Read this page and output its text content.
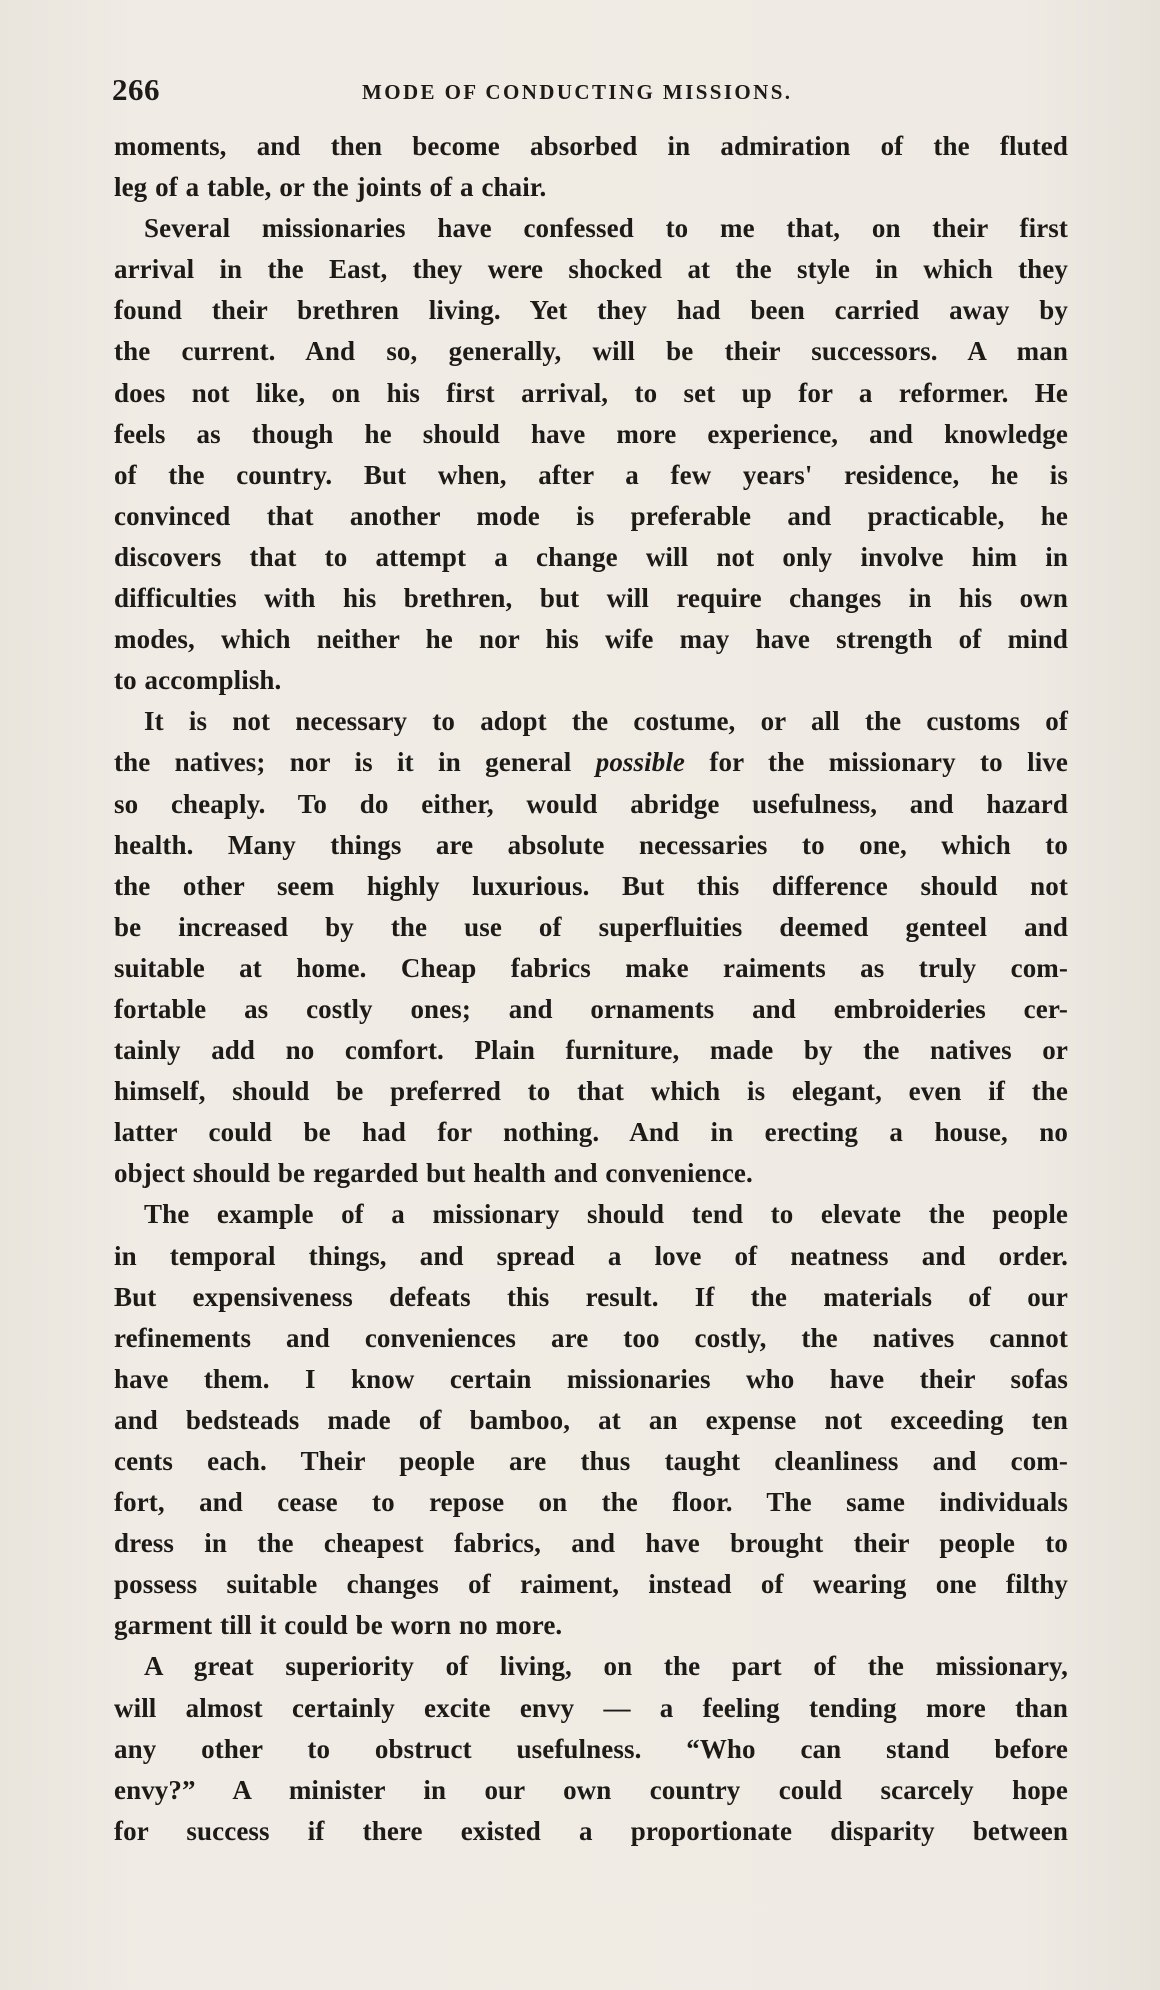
266	MODE OF CONDUCTING MISSIONS.
moments, and then become absorbed in admiration of the fluted
leg of a table, or the joints of a chair.
Several missionaries have confessed to me that, on their first
arrival in the East, they were shocked at the style in which they
found their brethren living. Yet they had been carried away by
the current. And so, generally, will be their successors. A man
does not like, on his first arrival, to set up for a reformer. He
feels as though he should have more experience, and knowledge
of the country. But when, after a few years' residence, he is
convinced that another mode is preferable and practicable, he
discovers that to attempt a change will not only involve him in
difficulties with his brethren, but will require changes in his own
modes, which neither he nor his wife may have strength of mind
to accomplish.
It is not necessary to adopt the costume, or all the customs of
the natives; nor is it in general possible for the missionary to live
so cheaply. To do either, would abridge usefulness, and hazard
health. Many things are absolute necessaries to one, which to
the other seem highly luxurious. But this difference should not
be increased by the use of superfluities deemed genteel and
suitable at home. Cheap fabrics make raiments as truly com-
fortable as costly ones; and ornaments and embroideries cer-
tainly add no comfort. Plain furniture, made by the natives or
himself, should be preferred to that which is elegant, even if the
latter could be had for nothing. And in erecting a house, no
object should be regarded but health and convenience.
The example of a missionary should tend to elevate the people
in temporal things, and spread a love of neatness and order.
But expensiveness defeats this result. If the materials of our
refinements and conveniences are too costly, the natives cannot
have them. I know certain missionaries who have their sofas
and bedsteads made of bamboo, at an expense not exceeding ten
cents each. Their people are thus taught cleanliness and com-
fort, and cease to repose on the floor. The same individuals
dress in the cheapest fabrics, and have brought their people to
possess suitable changes of raiment, instead of wearing one filthy
garment till it could be worn no more.
A great superiority of living, on the part of the missionary,
will almost certainly excite envy — a feeling tending more than
any other to obstruct usefulness. “Who can stand before
envy?” A minister in our own country could scarcely hope
for success if there existed a proportionate disparity between
